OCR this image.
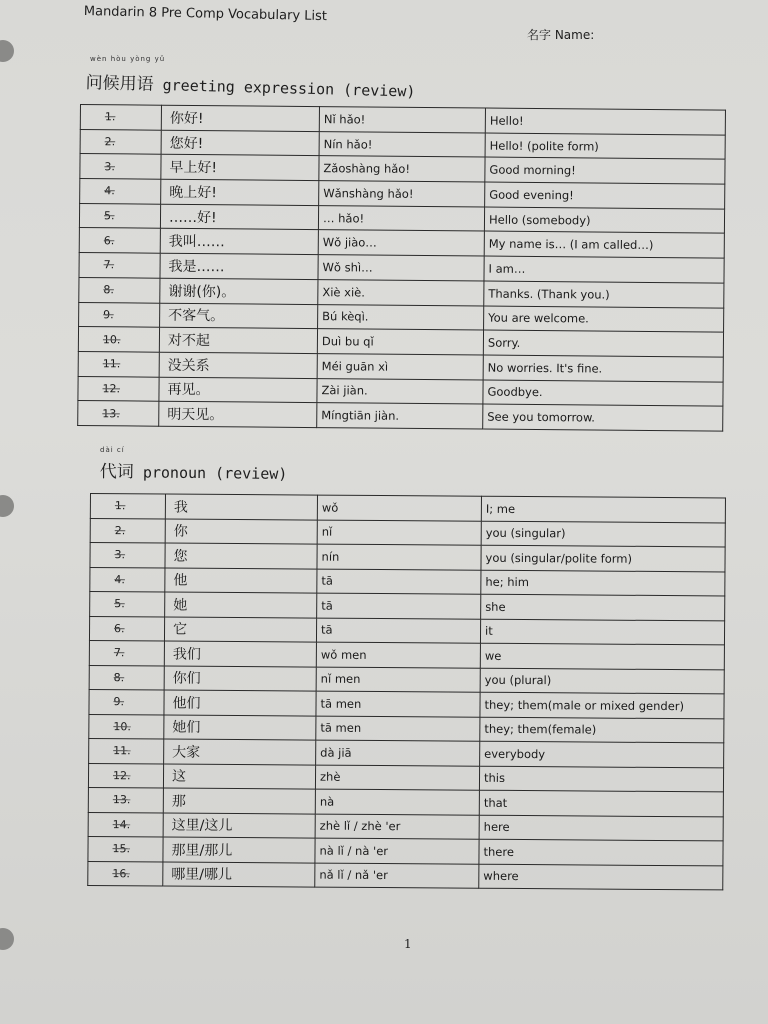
Mandarin 8 Pre Comp Vocabulary List
名字 Name:
wèn hòu yòng yǔ
问候用语 greeting expression (review)
1.	你好!	Nǐ hǎo!	Hello!
2.	您好!	Nín hǎo!	Hello! (polite form)
3.	早上好!	Zǎoshàng hǎo!	Good morning!
4.	晚上好!	Wǎnshàng hǎo!	Good evening!
5.	……好!	… hǎo!	Hello (somebody)
6.	我叫……	Wǒ jiào…	My name is… (I am called…)
7.	我是……	Wǒ shì…	I am…
8.	谢谢(你)。	Xiè xiè.	Thanks. (Thank you.)
9.	不客气。	Bú kèqì.	You are welcome.
10.	对不起	Duì bu qǐ	Sorry.
11.	没关系	Méi guān xì	No worries. It's fine.
12.	再见。	Zài jiàn.	Goodbye.
13.	明天见。	Míngtiān jiàn.	See you tomorrow.
dài cí
代词 pronoun (review)
1.	我	wǒ	I; me
2.	你	nǐ	you (singular)
3.	您	nín	you (singular/polite form)
4.	他	tā	he; him
5.	她	tā	she
6.	它	tā	it
7.	我们	wǒ men	we
8.	你们	nǐ men	you (plural)
9.	他们	tā men	they; them(male or mixed gender)
10.	她们	tā men	they; them(female)
11.	大家	dà jiā	everybody
12.	这	zhè	this
13.	那	nà	that
14.	这里/这儿	zhè lǐ / zhè 'er	here
15.	那里/那儿	nà lǐ / nà 'er	there
16.	哪里/哪儿	nǎ lǐ / nǎ 'er	where
1
